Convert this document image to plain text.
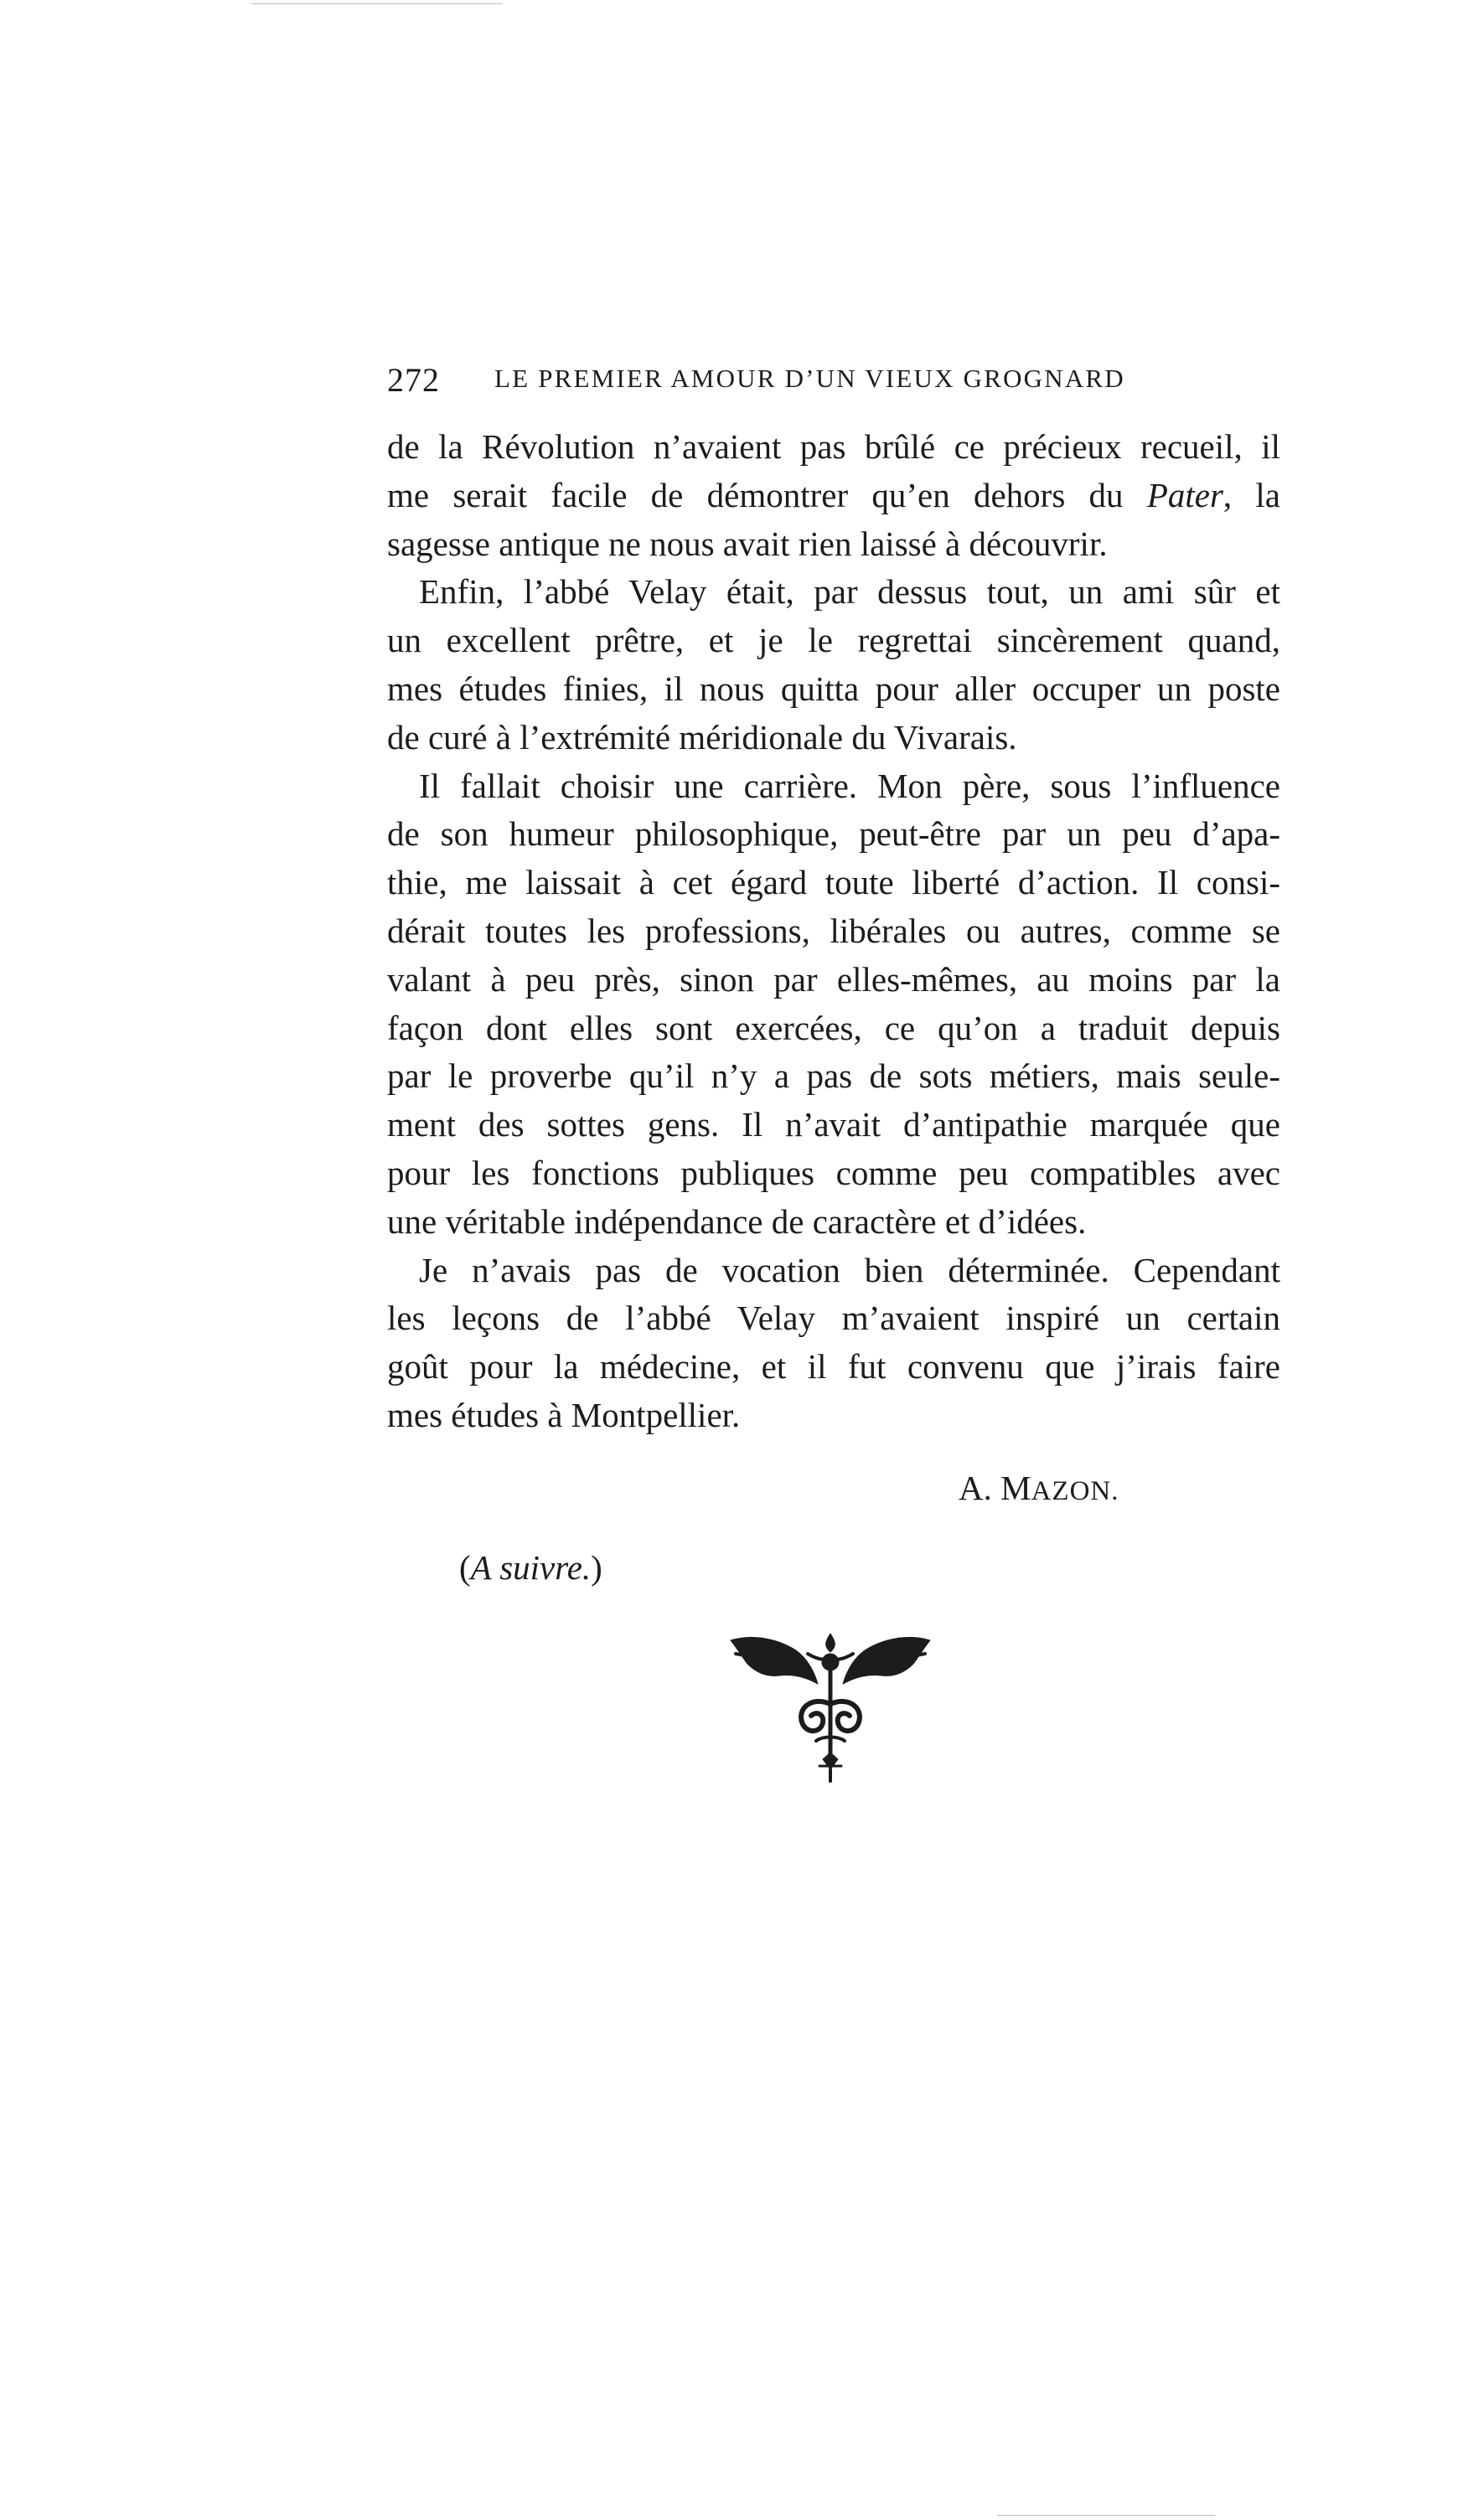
272 LE PREMIER AMOUR D’UN VIEUX GROGNARD
de la Révolution n’avaient pas brûlé ce précieux recueil, il
me serait facile de démontrer qu’en dehors du Pater, la
sagesse antique ne nous avait rien laissé à découvrir.
Enfin, l’abbé Velay était, par dessus tout, un ami sûr et
un excellent prêtre, et je le regrettai sincèrement quand,
mes études finies, il nous quitta pour aller occuper un poste
de curé à l’extrémité méridionale du Vivarais.
Il fallait choisir une carrière. Mon père, sous l’influence
de son humeur philosophique, peut-être par un peu d’apa-
thie, me laissait à cet égard toute liberté d’action. Il consi-
dérait toutes les professions, libérales ou autres, comme se
valant à peu près, sinon par elles-mêmes, au moins par la
façon dont elles sont exercées, ce qu’on a traduit depuis
par le proverbe qu’il n’y a pas de sots métiers, mais seule-
ment des sottes gens. Il n’avait d’antipathie marquée que
pour les fonctions publiques comme peu compatibles avec
une véritable indépendance de caractère et d’idées.
Je n’avais pas de vocation bien déterminée. Cependant
les leçons de l’abbé Velay m’avaient inspiré un certain
goût pour la médecine, et il fut convenu que j’irais faire
mes études à Montpellier.
A. MAZON.
(A suivre.)
